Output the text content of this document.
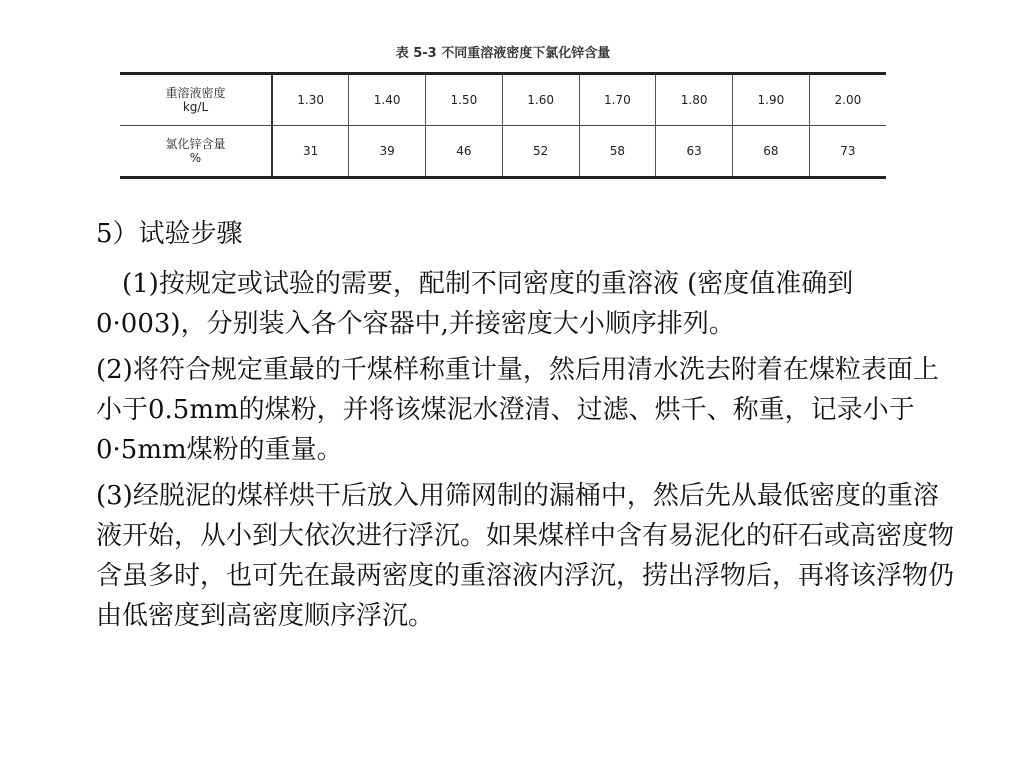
表 5-3 不同重溶液密度下氯化锌含量
重溶液密度
kg/L	1.30	1.40	1.50	1.60	1.70	1.80	1.90	2.00

氯化锌含量
%	31	39	46	52	58	63	68	73

5）试验步骤

　(1)按规定或试验的需要，配制不同密度的重溶液 (密度值准确到0·003)，分别装入各个容器中,并接密度大小顺序排列。

(2)将符合规定重最的千煤样称重计量，然后用清水洗去附着在煤粒表面上小于0.5mm的煤粉，并将该煤泥水澄清、过滤、烘千、称重，记录小于0·5mm煤粉的重量。

(3)经脱泥的煤样烘干后放入用筛网制的漏桶中，然后先从最低密度的重溶液开始，从小到大依次进行浮沉。如果煤样中含有易泥化的矸石或高密度物含虽多时，也可先在最两密度的重溶液内浮沉，捞出浮物后，再将该浮物仍由低密度到高密度顺序浮沉。
